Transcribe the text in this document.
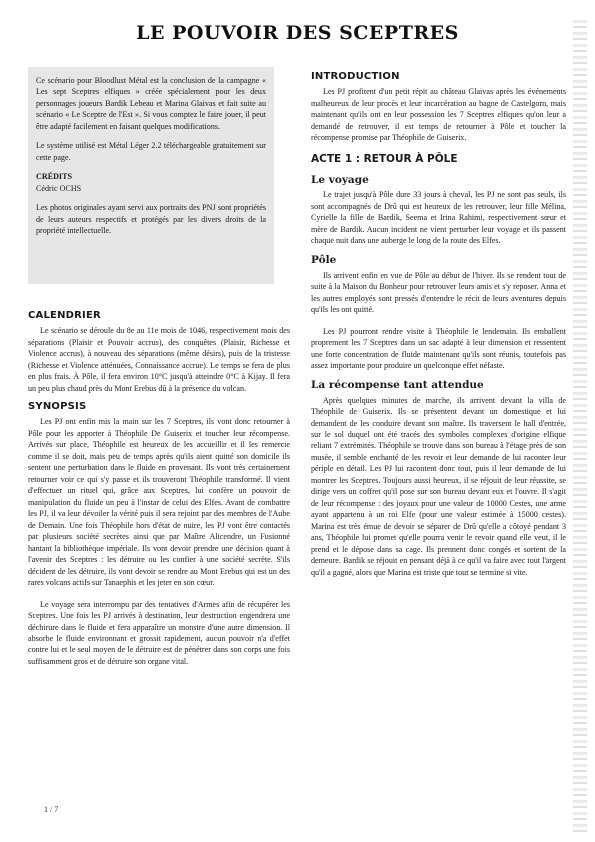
LE POUVOIR DES SCEPTRES

Ce scénario pour Bloodlust Métal est la conclusion de la campagne « Les sept Sceptres elfiques » créée spécialement pour les deux personnages joueurs Bardik Lebeau et Marina Glaivas et fait suite au scénario « Le Sceptre de l'Est ». Si vous comptez le faire jouer, il peut être adapté facilement en faisant quelques modifications.

Le système utilisé est Métal Léger 2.2 téléchargeable gratuitement sur cette page.

CRÉDITS

Cédric OCHS

Les photos originales ayant servi aux portraits des PNJ sont propriétés de leurs auteurs respectifs et protégés par les divers droits de la propriété intellectuelle.

CALENDRIER

Le scénario se déroule du 8e au 11e mois de 1046, respectivement mois des séparations (Plaisir et Pouvoir accrus), des conquêtes (Plaisir, Richesse et Violence accrus), à nouveau des séparations (même désirs), puis de la tristesse (Richesse et Violence atténuées, Connaissance accrue). Le temps se fera de plus en plus frais. À Pôle, il fera environ 10°C jusqu'à atteindre 0°C à Kijay. Il fera un peu plus chaud près du Mont Erebus dû à la présence du volcan.

SYNOPSIS

Les PJ ont enfin mis la main sur les 7 Sceptres, ils vont donc retourner à Pôle pour les apporter à Théophile De Guiserix et toucher leur récompense. Arrivés sur place, Théophile est heureux de les accueillir et il les remercie comme il se doit, mais peu de temps après qu'ils aient quitté son domicile ils sentent une perturbation dans le fluide en provenant. Ils vont très certainement retourner voir ce qui s'y passe et ils trouveront Théophile transformé. Il vient d'effectuer un rituel qui, grâce aux Sceptres, lui confère un pouvoir de manipulation du fluide un peu à l'instar de celui des Elfes. Avant de combattre les PJ, il va leur dévoiler la vérité puis il sera rejoint par des membres de l'Aube de Demain. Une fois Théophile hors d'état de nuire, les PJ vont être contactés par plusieurs société secrètes ainsi que par Maître Alicendre, un Fusionné hantant la bibliothèque impériale. Ils vont devoir prendre une décision quant à l'avenir des Sceptres : les détruire ou les confier à une société secrète. S'ils décident de les détruire, ils vont devoir se rendre au Mont Erebus qui est un des rares volcans actifs sur Tanaephis et les jeter en son cœur.

Le voyage sera interrompu par des tentatives d'Armes afin de récupérer les Sceptres. Une fois les PJ arrivés à destination, leur destruction engendrera une déchirure dans le fluide et fera apparaître un monstre d'une autre dimension. Il absorbe le fluide environnant et grossit rapidement, aucun pouvoir n'a d'effet contre lui et le seul moyen de le détruire est de pénétrer dans son corps une fois suffisamment gros et de détruire son organe vital.

INTRODUCTION

Les PJ profitent d'un petit répit au château Glaivas après les événements malheureux de leur procès et leur incarcération au bagne de Castelgorn, mais maintenant qu'ils ont en leur possession les 7 Sceptres elfiques qu'on leur a demandé de retrouver, il est temps de retourner à Pôle et toucher la récompense promise par Théophile de Guiserix.

ACTE 1 : RETOUR À PÔLE
Le voyage

Le trajet jusqu'à Pôle dure 33 jours à cheval, les PJ ne sont pas seuls, ils sont accompagnés de Drû qui est heureux de les retrouver, leur fille Mélina, Cyrielle la fille de Bardik, Seema et Irina Rahimi, respectivement sœur et mère de Bardik. Aucun incident ne vient perturber leur voyage et ils passent chaque nuit dans une auberge le long de la route des Elfes.

Pôle

Ils arrivent enfin en vue de Pôle au début de l'hiver. Ils se rendent tout de suite à la Maison du Bonheur pour retrouver leurs amis et s'y reposer. Anna et les autres employés sont pressés d'entendre le récit de leurs aventures depuis qu'ils les ont quitté.

Les PJ pourront rendre visite à Théophile le lendemain. Ils emballent proprement les 7 Sceptres dans un sac adapté à leur dimension et ressentent une forte concentration de fluide maintenant qu'ils sont réunis, toutefois pas assez importante pour produire un quelconque effet néfaste.

La récompense tant attendue

Après quelques minutes de marche, ils arrivent devant la villa de Théophile de Guiserix. Ils se présentent devant un domestique et lui demandent de les conduire devant son maître. Ils traversent le hall d'entrée, sur le sol duquel ont été tracés des symboles complexes d'origine elfique reliant 7 extrémités. Théophile se trouve dans son bureau à l'étage près de son musée, il semble enchanté de les revoir et leur demande de lui raconter leur périple en détail. Les PJ lui racontent donc tout, puis il leur demande de lui montrer les Sceptres. Toujours aussi heureux, il se réjouit de leur réussite, se dirige vers un coffret qu'il pose sur son bureau devant eux et l'ouvre. Il s'agit de leur récompense : des joyaux pour une valeur de 10000 Cestes, une arme ayant appartenu à un roi Elfe (pour une valeur estimée à 15000 cestes). Marina est très émue de devoir se séparer de Drû qu'elle a côtoyé pendant 3 ans, Théophile lui promet qu'elle pourra venir le revoir quand elle veut, il le prend et le dépose dans sa cage. Ils prennent donc congés et sortent de la demeure. Bardik se réjouit en pensant déjà à ce qu'il va faire avec tout l'argent qu'il a gagné, alors que Marina est triste que tout se termine si vite.

1 / 7
